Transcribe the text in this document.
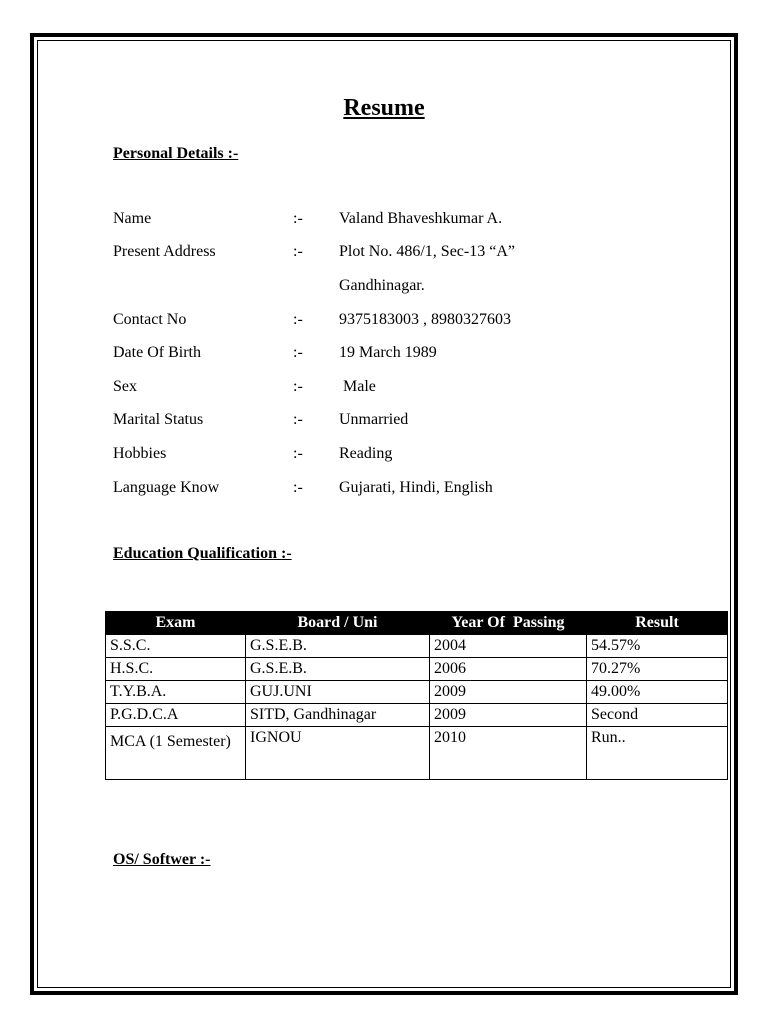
Resume
Personal Details :-
Name	:- Valand Bhaveshkumar A.
Present Address	:- Plot No. 486/1, Sec-13 “A”
Gandhinagar.
Contact No	:- 9375183003 , 8980327603
Date Of Birth	:- 19 March 1989
Sex	:-	Male
Marital Status	:- Unmarried
Hobbies	:- Reading
Language Know	:- Gujarati, Hindi, English
Education Qualification :-
Exam	Board / Uni	Year Of  Passing	Result
S.S.C.	G.S.E.B.	2004	54.57%
H.S.C.	G.S.E.B.	2006	70.27%
T.Y.B.A.	GUJ.UNI	2009	49.00%
P.G.D.C.A	SITD, Gandhinagar	2009	Second
MCA (1 Semester)	IGNOU	2010	Run..
OS/ Softwer :-
